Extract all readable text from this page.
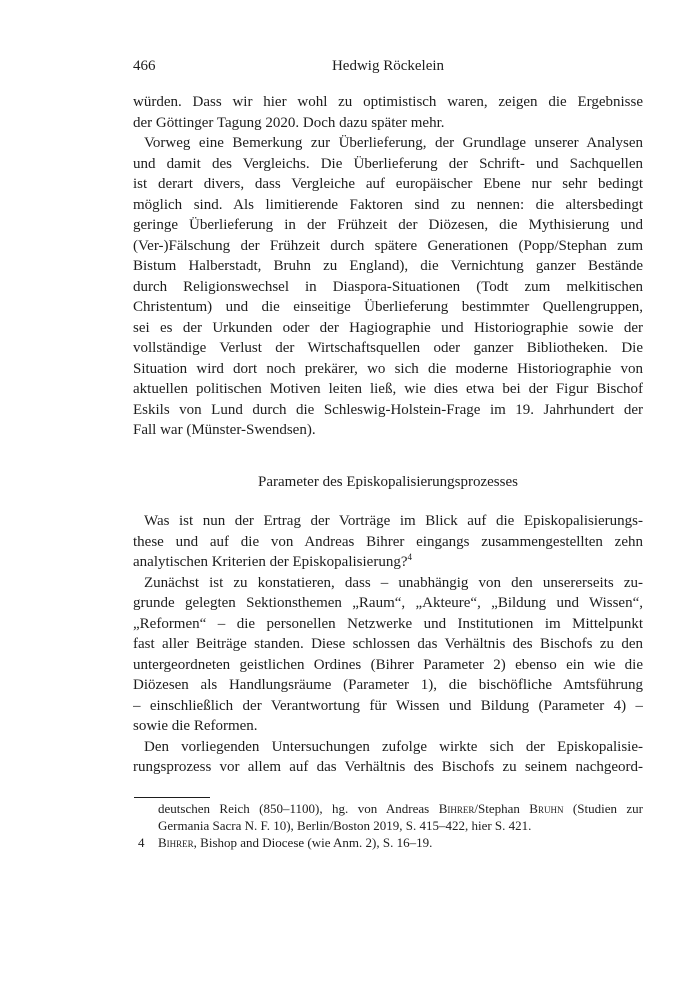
466	Hedwig Röckelein
würden. Dass wir hier wohl zu optimistisch waren, zeigen die Ergebnisse
der Göttinger Tagung 2020. Doch dazu später mehr.
Vorweg eine Bemerkung zur Überlieferung, der Grundlage unserer Analysen
und damit des Vergleichs. Die Überlieferung der Schrift- und Sachquellen
ist derart divers, dass Vergleiche auf europäischer Ebene nur sehr bedingt
möglich sind. Als limitierende Faktoren sind zu nennen: die altersbedingt
geringe Überlieferung in der Frühzeit der Diözesen, die Mythisierung und
(Ver-)Fälschung der Frühzeit durch spätere Generationen (Popp/Stephan zum
Bistum Halberstadt, Bruhn zu England), die Vernichtung ganzer Bestände
durch Religionswechsel in Diaspora-Situationen (Todt zum melkitischen
Christentum) und die einseitige Überlieferung bestimmter Quellengruppen,
sei es der Urkunden oder der Hagiographie und Historiographie sowie der
vollständige Verlust der Wirtschaftsquellen oder ganzer Bibliotheken. Die
Situation wird dort noch prekärer, wo sich die moderne Historiographie von
aktuellen politischen Motiven leiten ließ, wie dies etwa bei der Figur Bischof
Eskils von Lund durch die Schleswig-Holstein-Frage im 19. Jahrhundert der
Fall war (Münster-Swendsen).
Parameter des Episkopalisierungsprozesses
Was ist nun der Ertrag der Vorträge im Blick auf die Episkopalisierungs-
these und auf die von Andreas Bihrer eingangs zusammengestellten zehn
analytischen Kriterien der Episkopalisierung?$^4$
Zunächst ist zu konstatieren, dass – unabhängig von den unsererseits zu-
grunde gelegten Sektionsthemen „Raum“, „Akteure“, „Bildung und Wissen“,
„Reformen“ – die personellen Netzwerke und Institutionen im Mittelpunkt
fast aller Beiträge standen. Diese schlossen das Verhältnis des Bischofs zu den
untergeordneten geistlichen Ordines (Bihrer Parameter 2) ebenso ein wie die
Diözesen als Handlungsräume (Parameter 1), die bischöfliche Amtsführung
– einschließlich der Verantwortung für Wissen und Bildung (Parameter 4) –
sowie die Reformen.
Den vorliegenden Untersuchungen zufolge wirkte sich der Episkopalisie-
rungsprozess vor allem auf das Verhältnis des Bischofs zu seinem nachgeord-
deutschen Reich (850–1100), hg. von Andreas Bihrer/Stephan Bruhn (Studien zur
Germania Sacra N. F. 10), Berlin/Boston 2019, S. 415–422, hier S. 421.
Bihrer, Bishop and Diocese (wie Anm. 2), S. 16–19.
4
